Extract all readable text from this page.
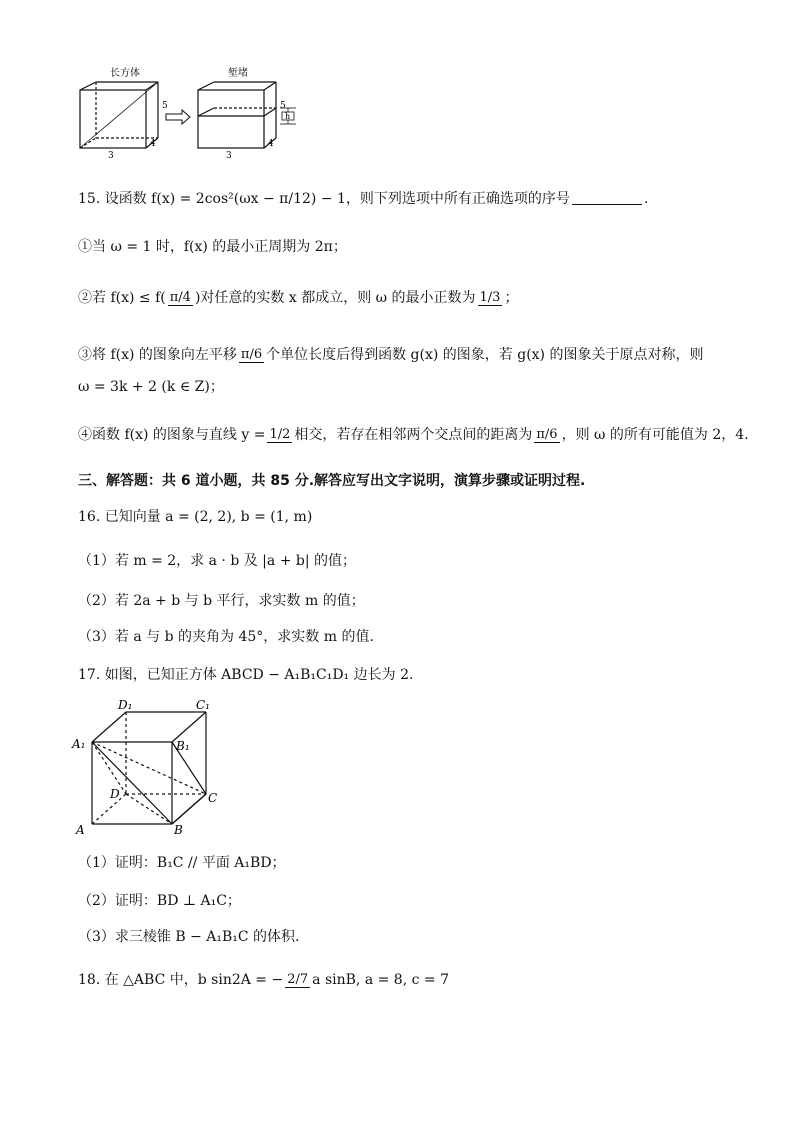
长方体
5
4
3
堑堵
5
h
4
3
15. 设函数 f(x) = 2cos²(ωx − π/12) − 1，则下列选项中所有正确选项的序号	.
①当 ω = 1 时，f(x) 的最小正周期为 2π；
②若 f(x) ≤ f( π/4 )对任意的实数 x 都成立，则 ω 的最小正数为 1/3 ；
③将 f(x) 的图象向左平移 π/6 个单位长度后得到函数 g(x) 的图象，若 g(x) 的图象关于原点对称，则
ω = 3k + 2 (k ∈ Z)；
④函数 f(x) 的图象与直线 y = 1/2 相交，若存在相邻两个交点间的距离为 π/6 ，则 ω 的所有可能值为 2，4.
三、解答题：共 6 道小题，共 85 分.解答应写出文字说明，演算步骤或证明过程.
16. 已知向量 a = (2, 2), b = (1, m)
（1）若 m = 2，求 a · b 及 |a + b| 的值；
（2）若 2a + b 与 b 平行，求实数 m 的值；
（3）若 a 与 b 的夹角为 45°，求实数 m 的值.
17. 如图，已知正方体 ABCD − A₁B₁C₁D₁ 边长为 2.
D₁	C₁
A₁	B₁
D	C
A	B
（1）证明：B₁C // 平面 A₁BD；
（2）证明：BD ⊥ A₁C；
（3）求三棱锥 B − A₁B₁C 的体积.
18. 在 △ABC 中，b sin2A = − 2/7 a sinB, a = 8, c = 7
